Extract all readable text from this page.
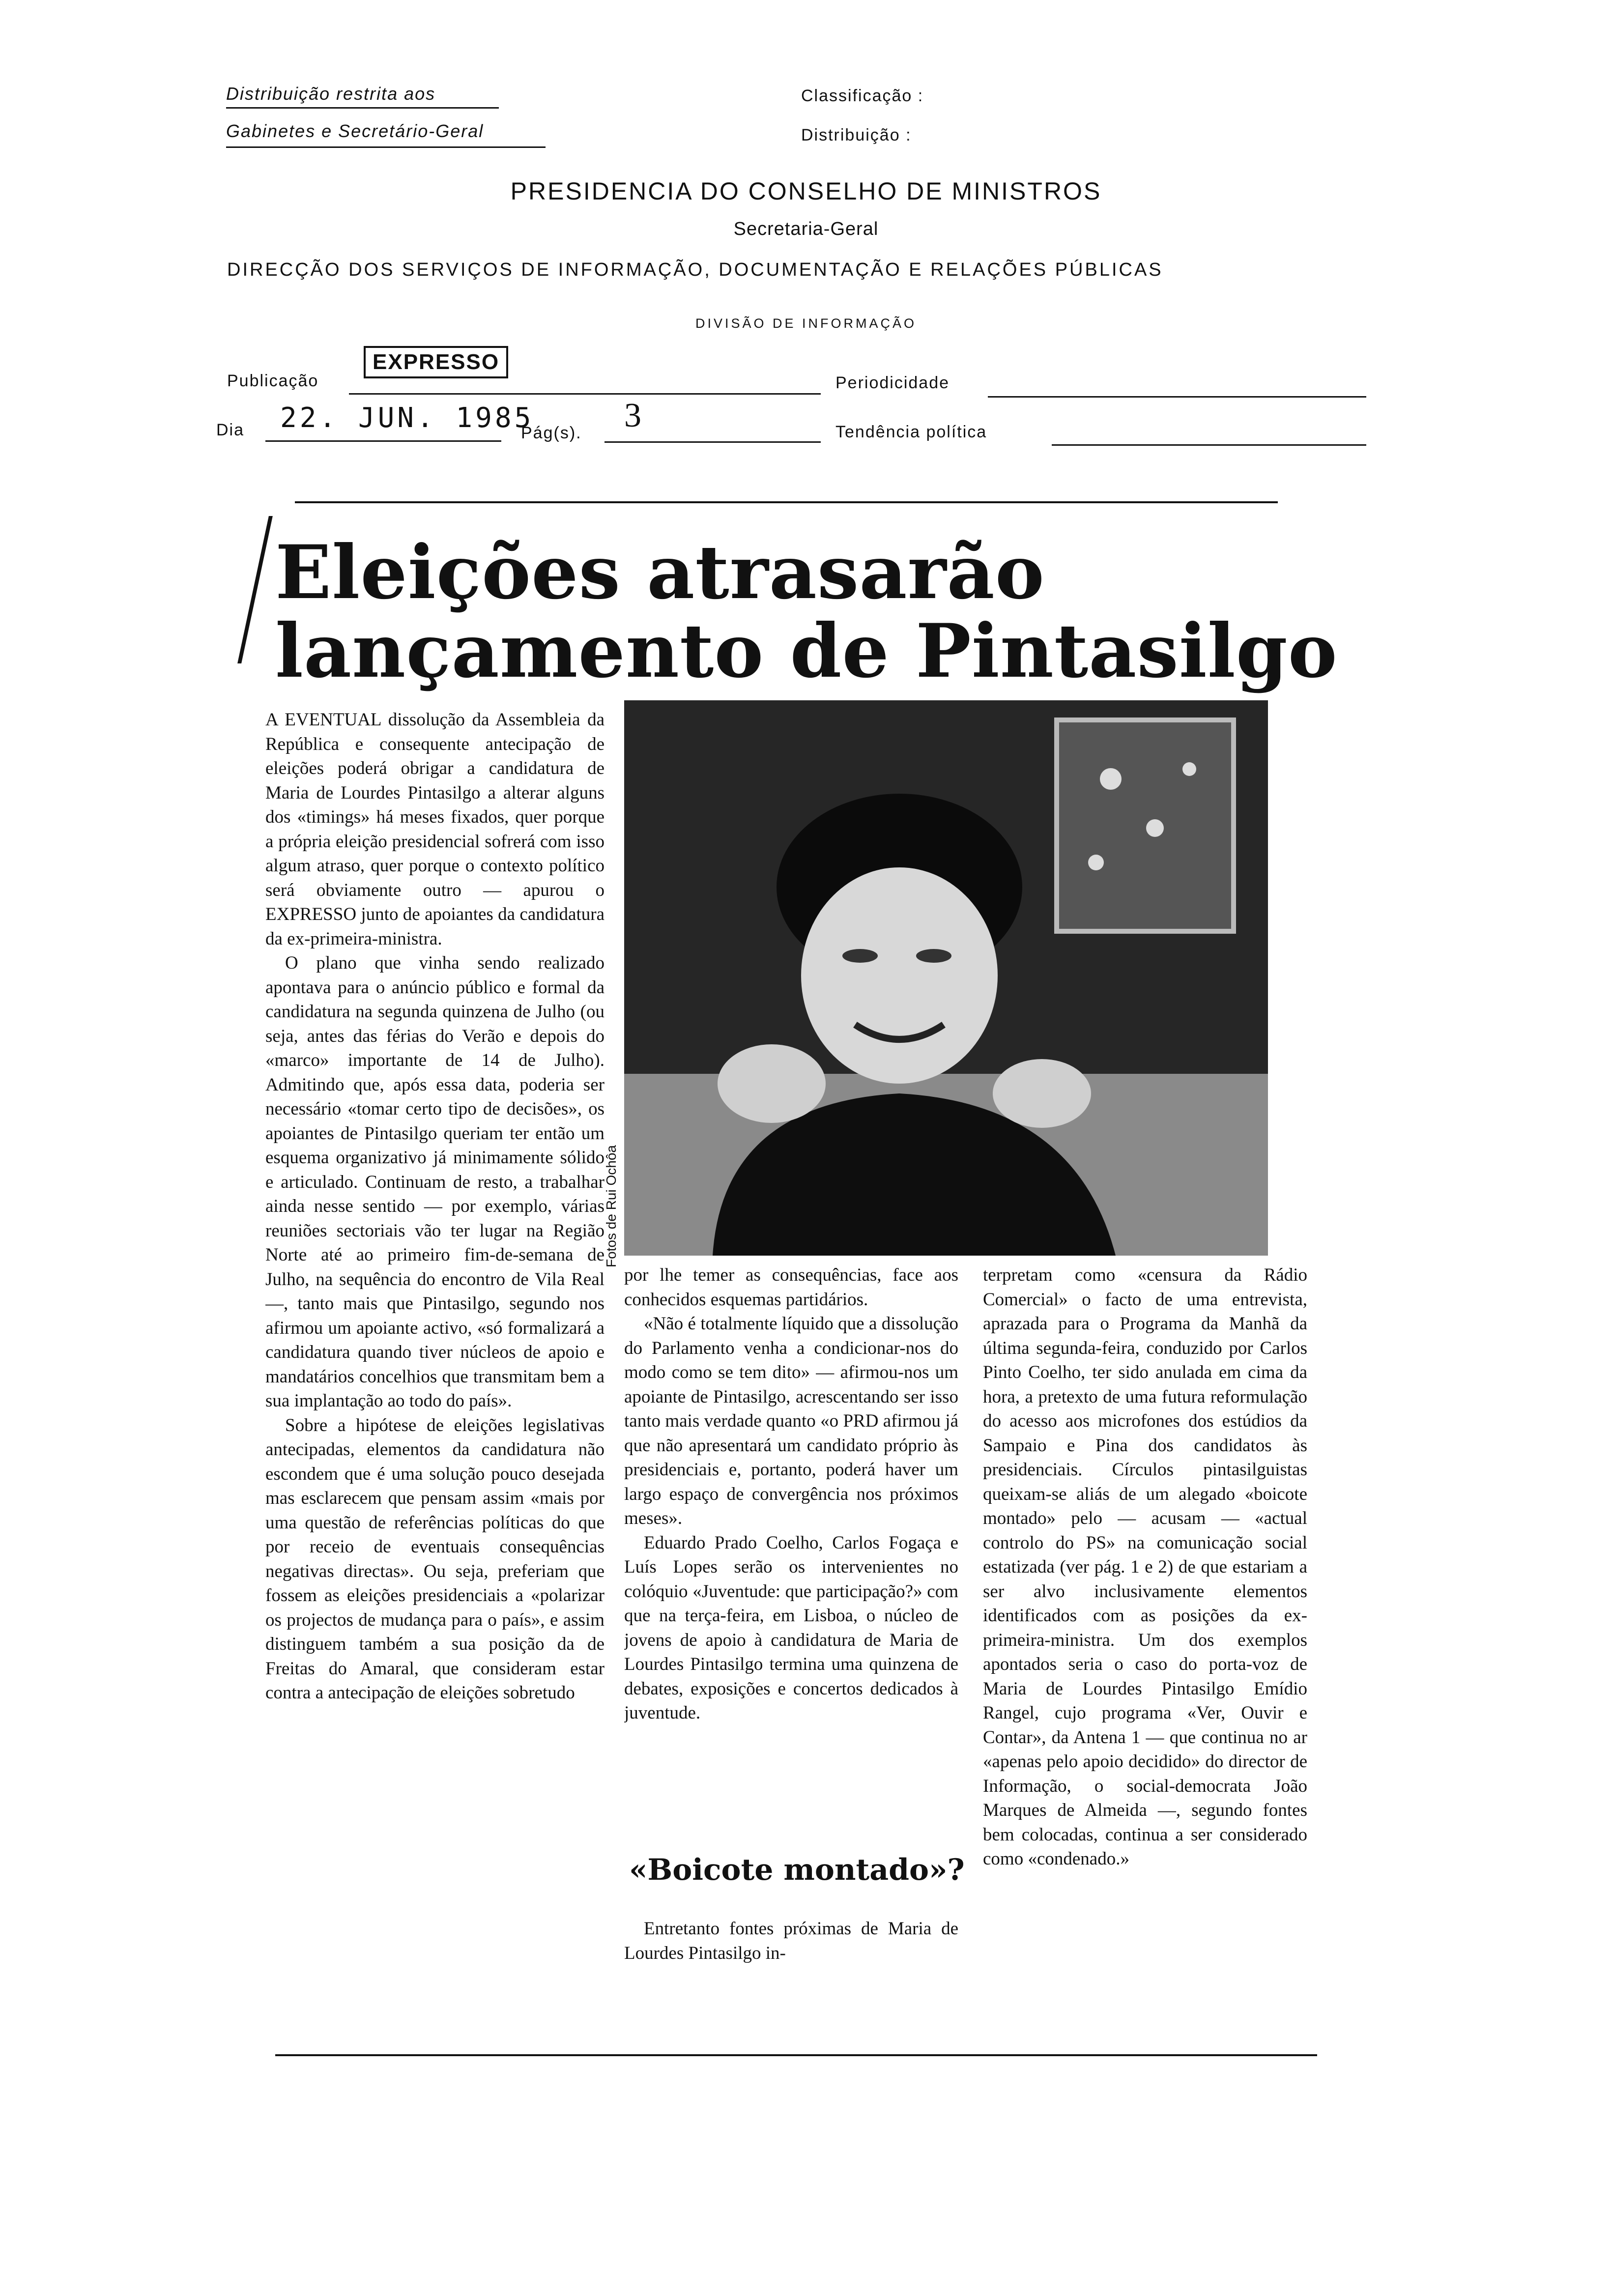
Distribuição restrita aos
Gabinetes e Secretário-Geral
Classificação :
Distribuição :
PRESIDENCIA DO CONSELHO DE MINISTROS
Secretaria-Geral
DIRECÇÃO DOS SERVIÇOS DE INFORMAÇÃO, DOCUMENTAÇÃO E RELAÇÕES PÚBLICAS
DIVISÃO DE INFORMAÇÃO
Publicação
EXPRESSO
Periodicidade
Dia 22. JUN. 1985
Pág(s). 3	Tendência política
Eleições atrasarão
lançamento de Pintasilgo
Fotos de Rui Ochôa

A EVENTUAL dissolução da Assembleia da República e consequente antecipação de eleições poderá obrigar a candidatura de Maria de Lourdes Pintasilgo a alterar alguns dos «timings» há meses fixados, quer porque a própria eleição presidencial sofrerá com isso algum atraso, quer porque o contexto político será obviamente outro — apurou o EXPRESSO junto de apoiantes da candidatura da ex-primeira-ministra.

O plano que vinha sendo realizado apontava para o anúncio público e formal da candidatura na segunda quinzena de Julho (ou seja, antes das férias do Verão e depois do «marco» importante de 14 de Julho). Admitindo que, após essa data, poderia ser necessário «tomar certo tipo de decisões», os apoiantes de Pintasilgo queriam ter então um esquema organizativo já minimamente sólido e articulado. Continuam de resto, a trabalhar ainda nesse sentido — por exemplo, várias reuniões sectoriais vão ter lugar na Região Norte até ao primeiro fim-de-semana de Julho, na sequência do encontro de Vila Real —, tanto mais que Pintasilgo, segundo nos afirmou um apoiante activo, «só formalizará a candidatura quando tiver núcleos de apoio e mandatários concelhios que transmitam bem a sua implantação ao todo do país».

Sobre a hipótese de eleições legislativas antecipadas, elementos da candidatura não escondem que é uma solução pouco desejada mas esclarecem que pensam assim «mais por uma questão de referências políticas do que por receio de eventuais consequências negativas directas». Ou seja, preferiam que fossem as eleições presidenciais a «polarizar os projectos de mudança para o país», e assim distinguem também a sua posição da de Freitas do Amaral, que consideram estar contra a antecipação de eleições sobretudo

por lhe temer as consequências, face aos conhecidos esquemas partidários.

«Não é totalmente líquido que a dissolução do Parlamento venha a condicionar-nos do modo como se tem dito» — afirmou-nos um apoiante de Pintasilgo, acrescentando ser isso tanto mais verdade quanto «o PRD afirmou já que não apresentará um candidato próprio às presidenciais e, portanto, poderá haver um largo espaço de convergência nos próximos meses».

Eduardo Prado Coelho, Carlos Fogaça e Luís Lopes serão os intervenientes no colóquio «Juventude: que participação?» com que na terça-feira, em Lisboa, o núcleo de jovens de apoio à candidatura de Maria de Lourdes Pintasilgo termina uma quinzena de debates, exposições e concertos dedicados à juventude.

«Boicote montado»?

Entretanto fontes próximas de Maria de Lourdes Pintasilgo in-

terpretam como «censura da Rádio Comercial» o facto de uma entrevista, aprazada para o Programa da Manhã da última segunda-feira, conduzido por Carlos Pinto Coelho, ter sido anulada em cima da hora, a pretexto de uma futura reformulação do acesso aos microfones dos estúdios da Sampaio e Pina dos candidatos às presidenciais. Círculos pintasilguistas queixam-se aliás de um alegado «boicote montado» pelo — acusam — «actual controlo do PS» na comunicação social estatizada (ver pág. 1 e 2) de que estariam a ser alvo inclusivamente elementos identificados com as posições da ex-primeira-ministra. Um dos exemplos apontados seria o caso do porta-voz de Maria de Lourdes Pintasilgo Emídio Rangel, cujo programa «Ver, Ouvir e Contar», da Antena 1 — que continua no ar «apenas pelo apoio decidido» do director de Informação, o social-democrata João Marques de Almeida —, segundo fontes bem colocadas, continua a ser considerado como «condenado.»
